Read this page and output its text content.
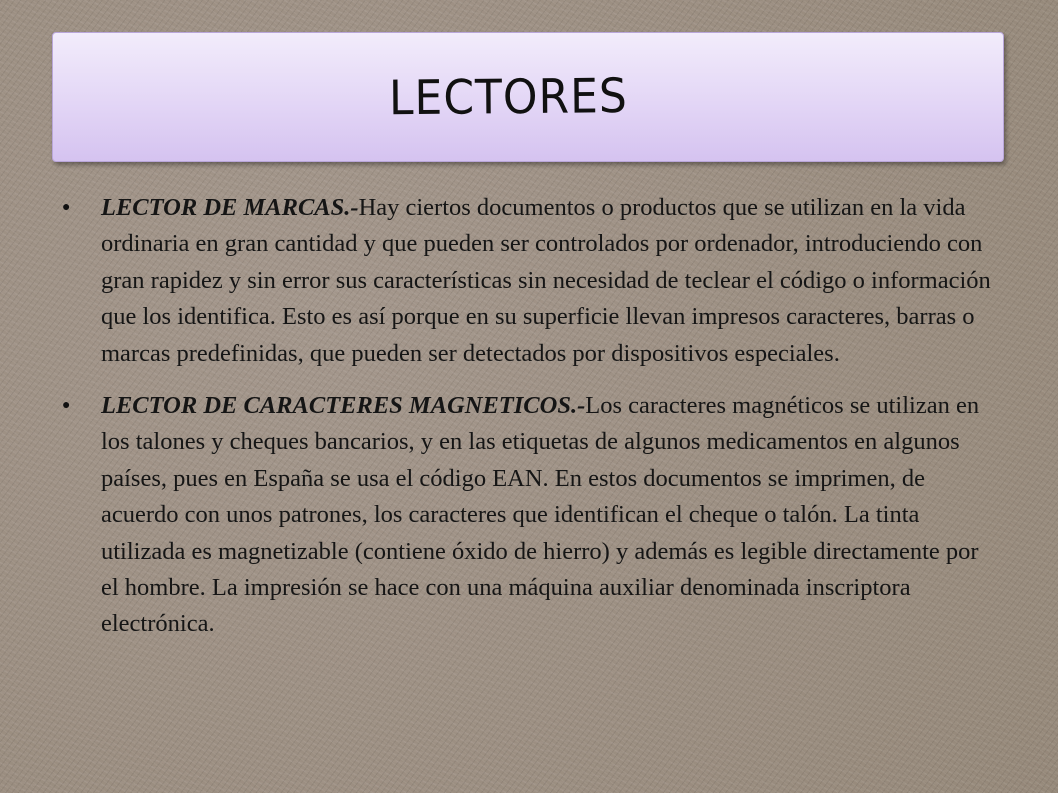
LECTORES
● LECTOR DE MARCAS.-Hay ciertos documentos o productos que se utilizan en la vida ordinaria en gran cantidad y que pueden ser controlados por ordenador, introduciendo con gran rapidez y sin error sus características sin necesidad de teclear el código o información que los identifica. Esto es así porque en su superficie llevan impresos caracteres, barras o marcas predefinidas, que pueden ser detectados por dispositivos especiales.
● LECTOR DE CARACTERES MAGNETICOS.-Los caracteres magnéticos se utilizan en los talones y cheques bancarios, y en las etiquetas de algunos medicamentos en algunos países, pues en España se usa el código EAN. En estos documentos se imprimen, de acuerdo con unos patrones, los caracteres que identifican el cheque o talón. La tinta utilizada es magnetizable (contiene óxido de hierro) y además es legible directamente por el hombre. La impresión se hace con una máquina auxiliar denominada inscriptora electrónica.
